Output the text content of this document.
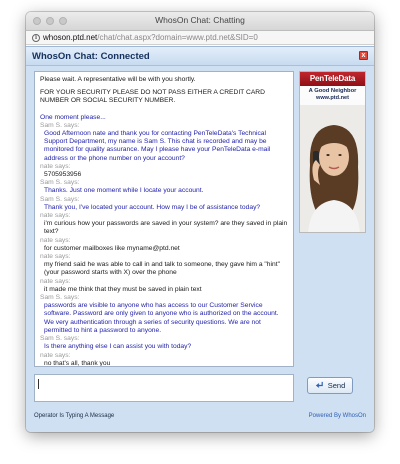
WhosOn Chat: Chatting
i whoson.ptd.net /chat/chat.aspx?domain=www.ptd.net&SID=0
WhosOn Chat: Connected	x
Please wait. A representative will be with you shortly.
FOR YOUR SECURITY PLEASE DO NOT PASS EITHER A CREDIT CARD NUMBER OR SOCIAL SECURITY NUMBER.
One moment please...
Sam S. says:
Good Afternoon nate and thank you for contacting PenTeleData's Technical Support Department, my name is Sam S. This chat is recorded and may be monitored for quality assurance. May I please have your PenTeleData e-mail address or the phone number on your account?
nate says:
5705953956
Sam S. says:
Thanks. Just one moment while I locate your account.
Sam S. says:
Thank you, I've located your account. How may I be of assistance today?
nate says:
i'm curious how your passwords are saved in your system? are they saved in plain text?
nate says:
for customer mailboxes like myname@ptd.net
nate says:
my friend said he was able to call in and talk to someone, they gave him a "hint" (your password starts with X) over the phone
nate says:
it made me think that they must be saved in plain text
Sam S. says:
passwords are visible to anyone who has access to our Customer Service software. Password are only given to anyone who is authorized on the account. We very authentication through a series of security questions. We are not permitted to hint a password to anyone.
Sam S. says:
Is there anything else I can assist you with today?
nate says:
no that's all, thank you
PenTeleData
A Good Neighbor
www.ptd.net
Send
Operator Is Typing A Message	Powered By WhosOn
